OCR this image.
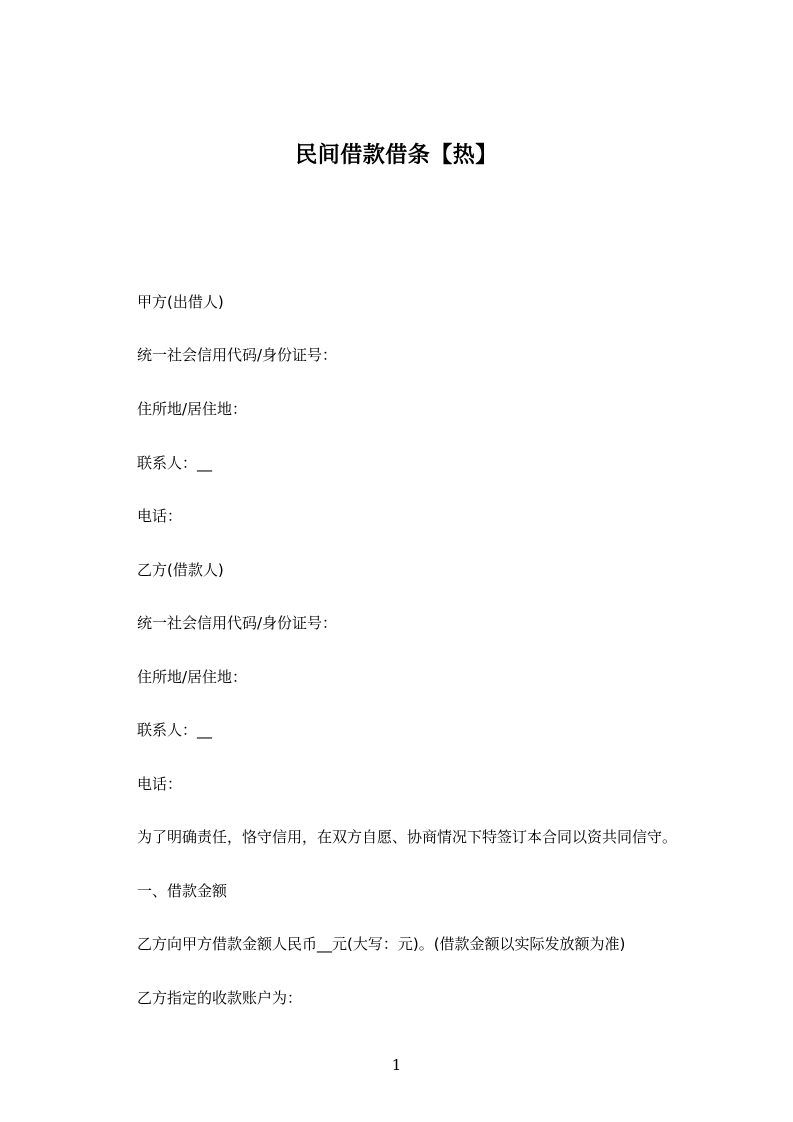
民间借款借条【热】
甲方(出借人)
统一社会信用代码/身份证号：
住所地/居住地：
联系人：__
电话：
乙方(借款人)
统一社会信用代码/身份证号：
住所地/居住地：
联系人：__
电话：
为了明确责任，恪守信用，在双方自愿、协商情况下特签订本合同以资共同信守。
一、借款金额
乙方向甲方借款金额人民币__元(大写：元)。(借款金额以实际发放额为准)
乙方指定的收款账户为：
1
